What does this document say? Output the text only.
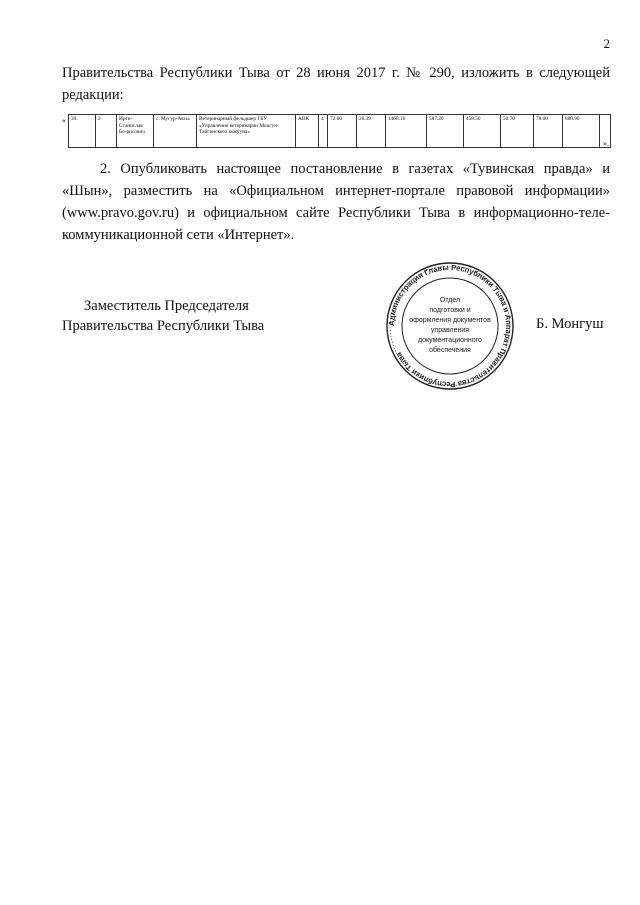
2
Правительства Республики Тыва от 28 июня 2017 г. № 290, изложить в следующей редакции:
« 39.	2	Ирги-Станислав Бо-рисович	с. Мугур-Аксы	Ветеринарный фельдшер ГБУ «Управление ветеринарии Монгун-Тайгинского кожууна»	АВК	4	72.00	20.39	1468.10	587.20	458.50	50.70	78.00	880.90	
».
2. Опубликовать настоящее постановление в газетах «Тувинская правда» и «Шын», разместить на «Официальном интернет-портале правовой информации» (www.pravo.gov.ru) и официальном сайте Республики Тыва в информационно-теле-коммуникационной сети «Интернет».
Заместитель Председателя
Правительства Республики Тыва	Администрация Главы Республики Тыва и Аппарат Правительства Республики Тыва
Отдел
подготовки и
оформления документов
управления
документационного
обеспечения
Б. Монгуш
